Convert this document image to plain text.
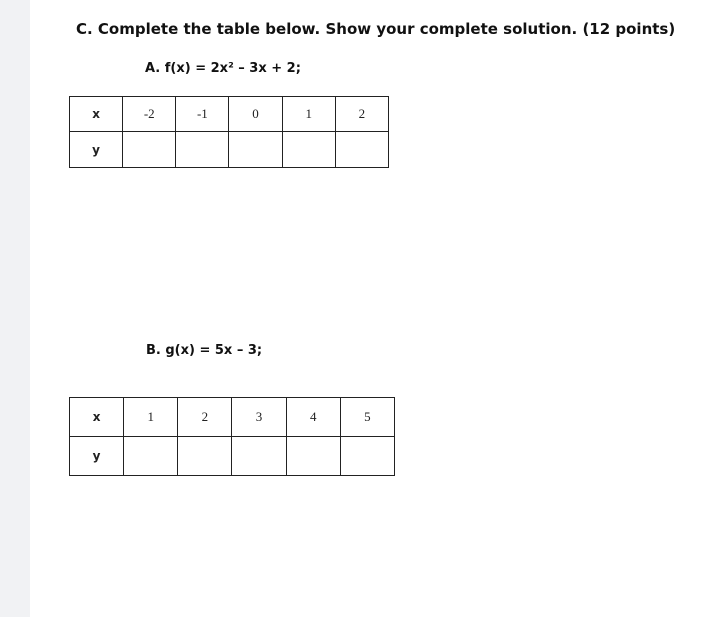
C. Complete the table below. Show your complete solution. (12 points)
A. f(x) = 2x² – 3x + 2;
x	-2	-1	0	1	2
y					
B. g(x) = 5x – 3;
x	1	2	3	4	5
y					
